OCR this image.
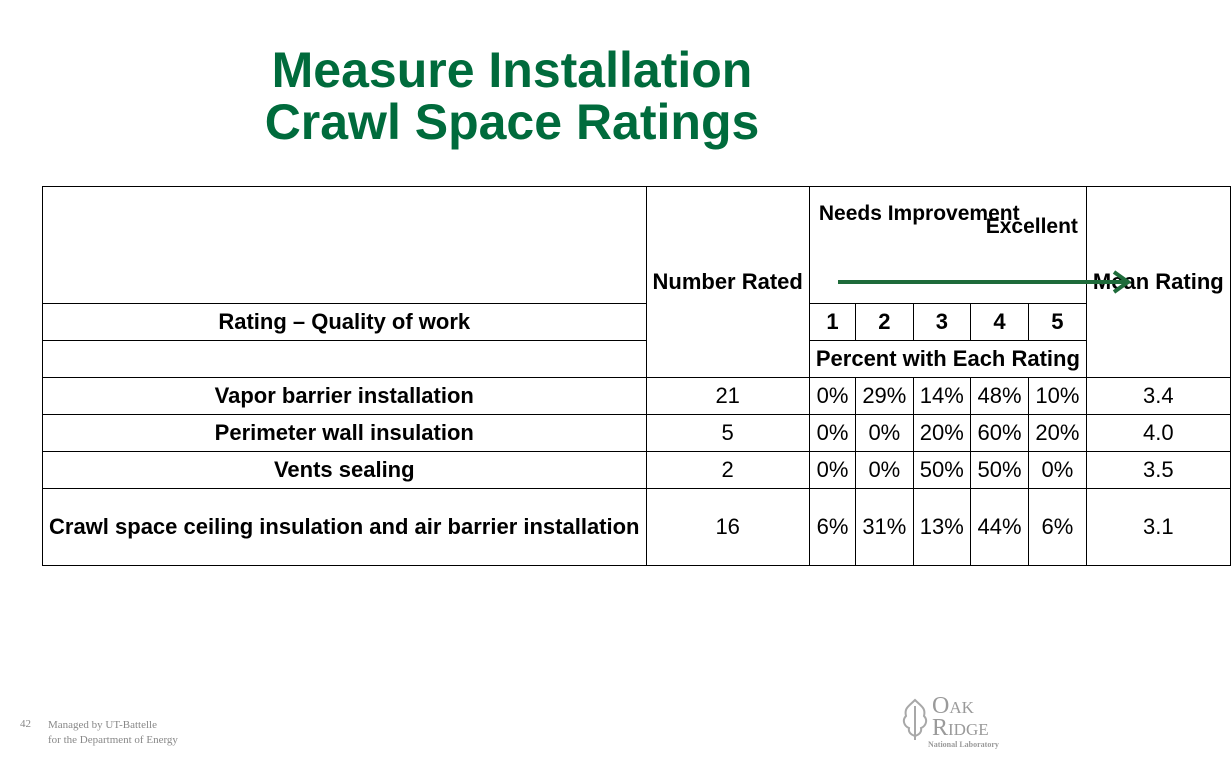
Measure Installation
Crawl Space Ratings
	Number Rated	Needs Improvement
Excellent					Mean Rating
Rating – Quality of work		1	2	3	4	5	
		Percent with Each Rating					
Vapor barrier installation	21	0%	29%	14%	48%	10%	3.4
Perimeter wall insulation	5	0%	0%	20%	60%	20%	4.0
Vents sealing	2	0%	0%	50%	50%	0%	3.5
Crawl space ceiling insulation and air barrier installation	16	6%	31%	13%	44%	6%	3.1
42 Managed by UT-Battelle
for the Department of Energy
Oak
Ridge
National Laboratory
